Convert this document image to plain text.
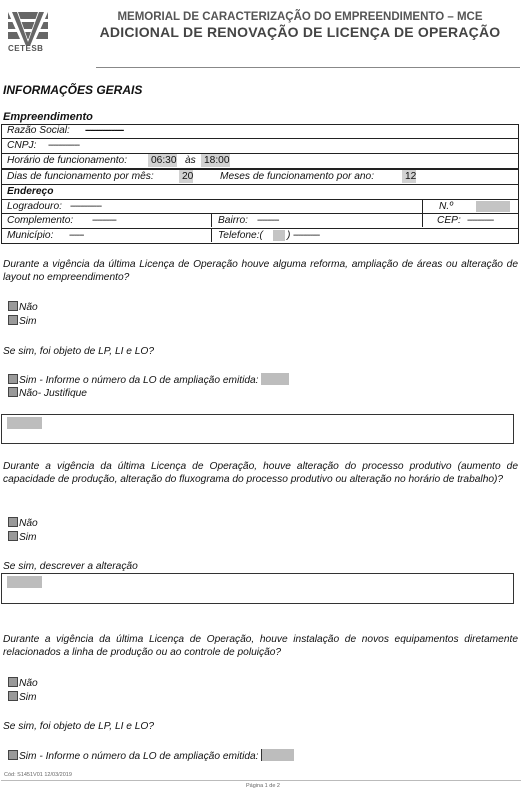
CETESB
MEMORIAL DE CARACTERIZAÇÃO DO EMPREENDIMENTO – MCE
ADICIONAL DE RENOVAÇÃO DE LICENÇA DE OPERAÇÃO
INFORMAÇÕES GERAIS
Empreendimento
Razão Social:	----------------
CNPJ:	-------------
Horário de funcionamento: 06:30 às 18:00
Dias de funcionamento por mês:	20	Meses de funcionamento por ano:	12
Endereço
Logradouro: -------------	N.º
Complemento:	----------	Bairro: ---------	CEP: -----------
Município:	------	Telefone:(	) -----------
Durante a vigência da última Licença de Operação houve alguma reforma, ampliação de áreas ou alteração de layout no empreendimento?
Não
Sim
Se sim, foi objeto de LP, LI e LO?
Sim - Informe o número da LO de ampliação emitida:
Não- Justifique
Durante a vigência da última Licença de Operação, houve alteração do processo produtivo (aumento de capacidade de produção, alteração do fluxograma do processo produtivo ou alteração no horário de trabalho)?
Não
Sim
Se sim, descrever a alteração
Durante a vigência da última Licença de Operação, houve instalação de novos equipamentos diretamente relacionados a linha de produção ou ao controle de poluição?
Não
Sim
Se sim, foi objeto de LP, LI e LO?
Sim - Informe o número da LO de ampliação emitida:
Cód: S1451V01 12/03/2019
Página 1 de 2
